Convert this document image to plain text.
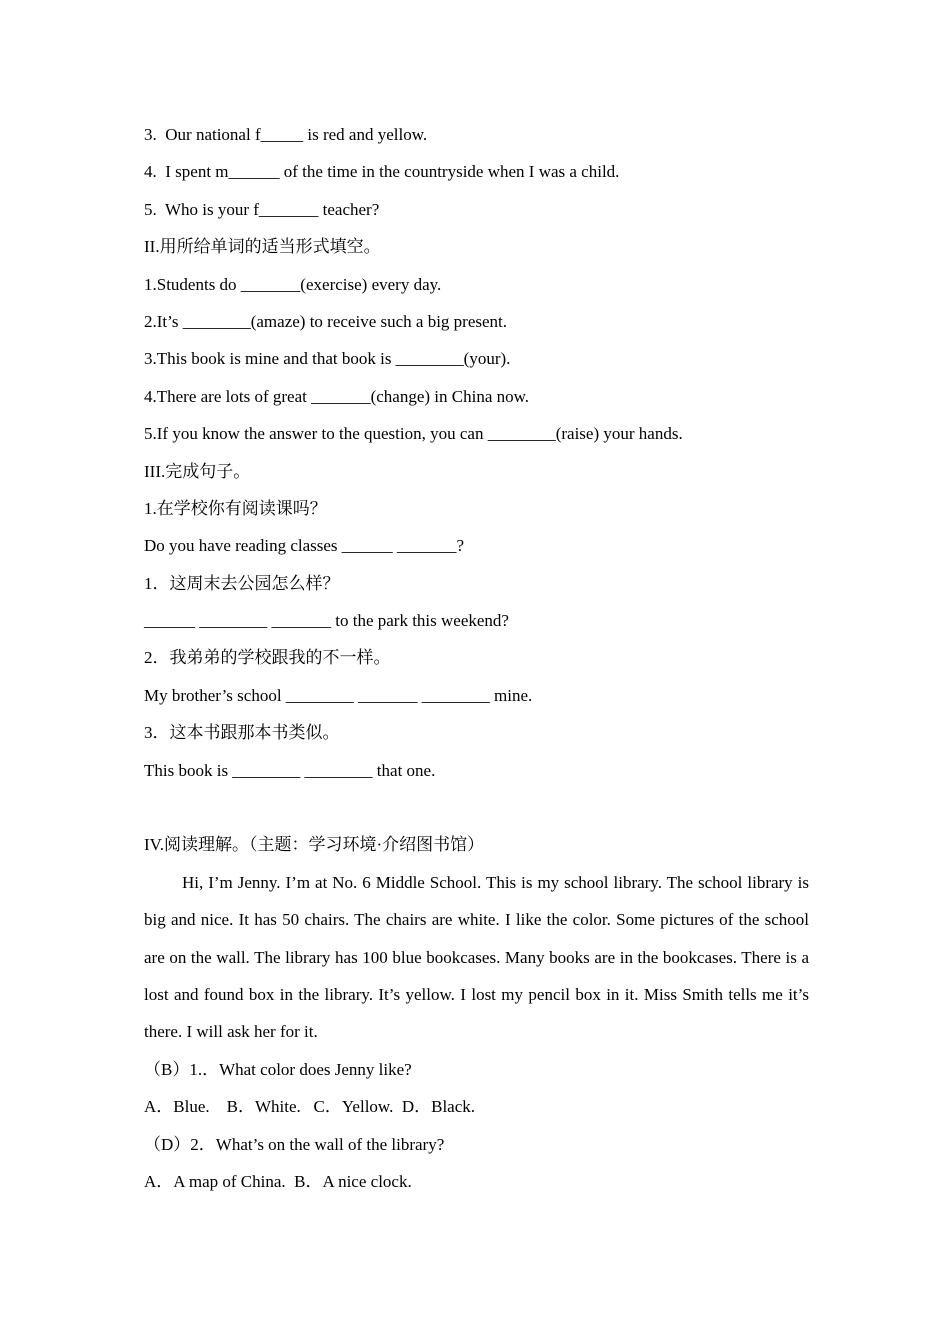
3.  Our national f_____ is red and yellow.
4.  I spent m______ of the time in the countryside when I was a child.
5.  Who is your f_______ teacher?
II.用所给单词的适当形式填空。
1.Students do _______(exercise) every day.
2.It’s ________(amaze) to receive such a big present.
3.This book is mine and that book is ________(your).
4.There are lots of great _______(change) in China now.
5.If you know the answer to the question, you can ________(raise) your hands.
III.完成句子。
1.在学校你有阅读课吗？
Do you have reading classes ______ _______?
1．这周末去公园怎么样？
______ ________ _______ to the park this weekend?
2．我弟弟的学校跟我的不一样。
My brother’s school ________ _______ ________ mine.
3．这本书跟那本书类似。
This book is ________ ________ that one.
IV.阅读理解。（主题：学习环境·介绍图书馆）
Hi, I’m Jenny. I’m at No. 6 Middle School. This is my school library. The school library is big and nice. It has 50 chairs. The chairs are white. I like the color. Some pictures of the school are on the wall. The library has 100 blue bookcases. Many books are in the bookcases. There is a lost and found box in the library. It’s yellow. I lost my pencil box in it. Miss Smith tells me it’s there. I will ask her for it.
（B）1.．What color does Jenny like?
A．Blue.    B．White.   C．Yellow.  D．Black.
（D）2．What’s on the wall of the library?
A．A map of China.  B．A nice clock.
